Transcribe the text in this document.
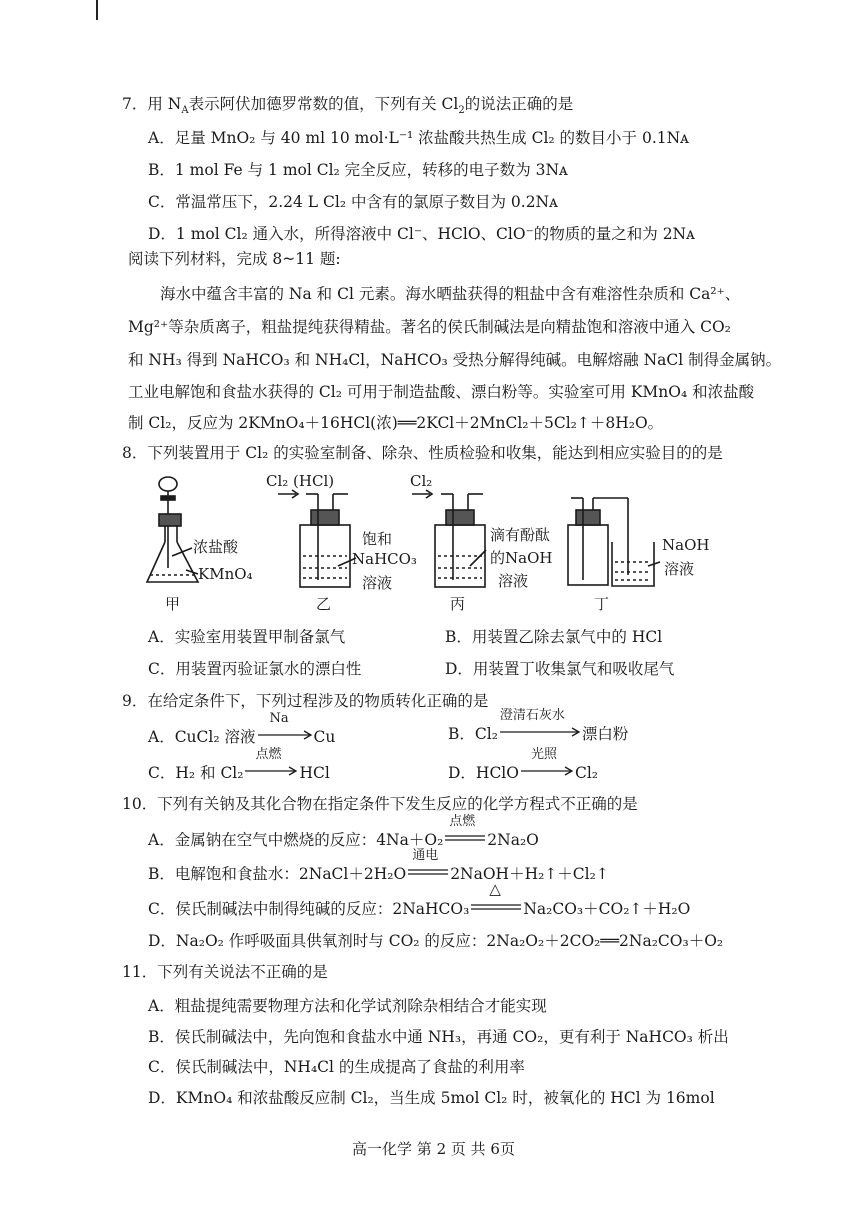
7．用 $N_A$表示阿伏加德罗常数的值，下列有关 $Cl_2$的说法正确的是
A．足量 MnO₂ 与 40 ml 10 mol·L⁻¹ 浓盐酸共热生成 Cl₂ 的数目小于 0.1Nᴀ
B．1 mol Fe 与 1 mol Cl₂ 完全反应，转移的电子数为 3Nᴀ
C．常温常压下，2.24 L Cl₂ 中含有的氯原子数目为 0.2Nᴀ
D．1 mol Cl₂ 通入水，所得溶液中 Cl⁻、HClO、ClO⁻的物质的量之和为 2Nᴀ
阅读下列材料，完成 8~11 题:
海水中蕴含丰富的 Na 和 Cl 元素。海水晒盐获得的粗盐中含有难溶性杂质和 Ca²⁺、
Mg²⁺等杂质离子，粗盐提纯获得精盐。著名的侯氏制碱法是向精盐饱和溶液中通入 CO₂
和 NH₃ 得到 NaHCO₃ 和 NH₄Cl，NaHCO₃ 受热分解得纯碱。电解熔融 NaCl 制得金属钠。
工业电解饱和食盐水获得的 Cl₂ 可用于制造盐酸、漂白粉等。实验室可用 KMnO₄ 和浓盐酸
制 Cl₂，反应为 2KMnO₄＋16HCl(浓)══2KCl＋2MnCl₂＋5Cl₂↑＋8H₂O。
8．下列装置用于 Cl₂ 的实验室制备、除杂、性质检验和收集，能达到相应实验目的的是
浓盐酸
KMnO₄
甲
Cl₂ (HCl)
饱和
NaHCO₃
溶液
乙
Cl₂
滴有酚酞
的NaOH
溶液
丙
NaOH
溶液
丁
A．实验室用装置甲制备氯气	B．用装置乙除去氯气中的 HCl
C．用装置丙验证氯水的漂白性	D．用装置丁收集氯气和吸收尾气
9．在给定条件下，下列过程涉及的物质转化正确的是
A．CuCl₂ 溶液
Na
Cu	B．Cl₂
澄清石灰水
漂白粉
C．H₂ 和 Cl₂
点燃
HCl	D．HClO
光照
Cl₂
10．下列有关钠及其化合物在指定条件下发生反应的化学方程式不正确的是
A．金属钠在空气中燃烧的反应：4Na＋O₂
点燃
2Na₂O
B．电解饱和食盐水：2NaCl＋2H₂O
通电
2NaOH＋H₂↑＋Cl₂↑
C．侯氏制碱法中制得纯碱的反应：2NaHCO₃
△
Na₂CO₃＋CO₂↑＋H₂O
D．Na₂O₂ 作呼吸面具供氧剂时与 CO₂ 的反应：2Na₂O₂＋2CO₂══2Na₂CO₃＋O₂
11．下列有关说法不正确的是
A．粗盐提纯需要物理方法和化学试剂除杂相结合才能实现
B．侯氏制碱法中，先向饱和食盐水中通 NH₃，再通 CO₂，更有利于 NaHCO₃ 析出
C．侯氏制碱法中，NH₄Cl 的生成提高了食盐的利用率
D．KMnO₄ 和浓盐酸反应制 Cl₂，当生成 5mol Cl₂ 时，被氧化的 HCl 为 16mol
高一化学 第 2 页 共 6页
